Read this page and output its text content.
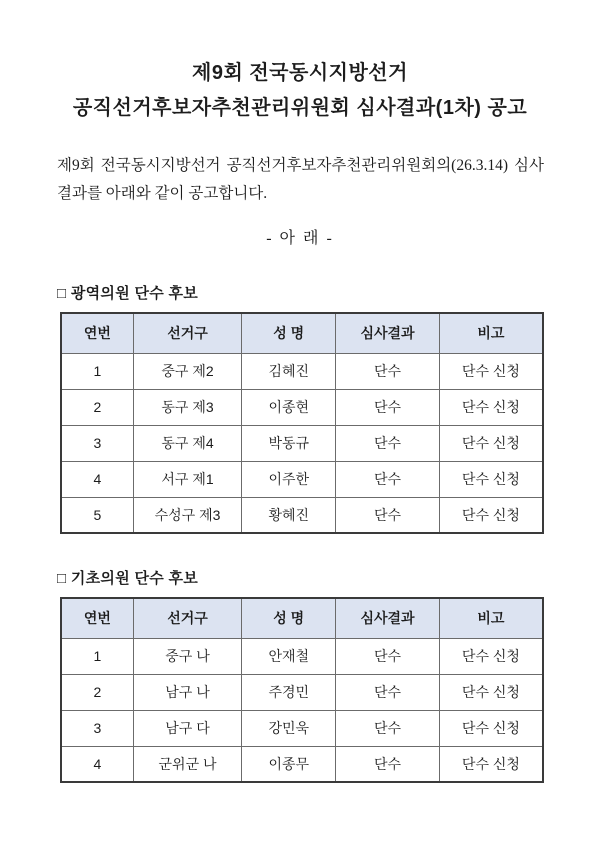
제9회 전국동시지방선거
공직선거후보자추천관리위원회 심사결과(1차) 공고

제9회 전국동시지방선거 공직선거후보자추천관리위원회의(26.3.14) 심사 결과를 아래와 같이 공고합니다.

- 아 래 -

□ 광역의원 단수 후보
연번	선거구	성 명	심사결과	비고
1	중구 제2	김혜진	단수	단수 신청
2	동구 제3	이종현	단수	단수 신청
3	동구 제4	박동규	단수	단수 신청
4	서구 제1	이주한	단수	단수 신청
5	수성구 제3	황혜진	단수	단수 신청
□ 기초의원 단수 후보
연번	선거구	성 명	심사결과	비고
1	중구 나	안재철	단수	단수 신청
2	남구 나	주경민	단수	단수 신청
3	남구 다	강민욱	단수	단수 신청
4	군위군 나	이종무	단수	단수 신청
